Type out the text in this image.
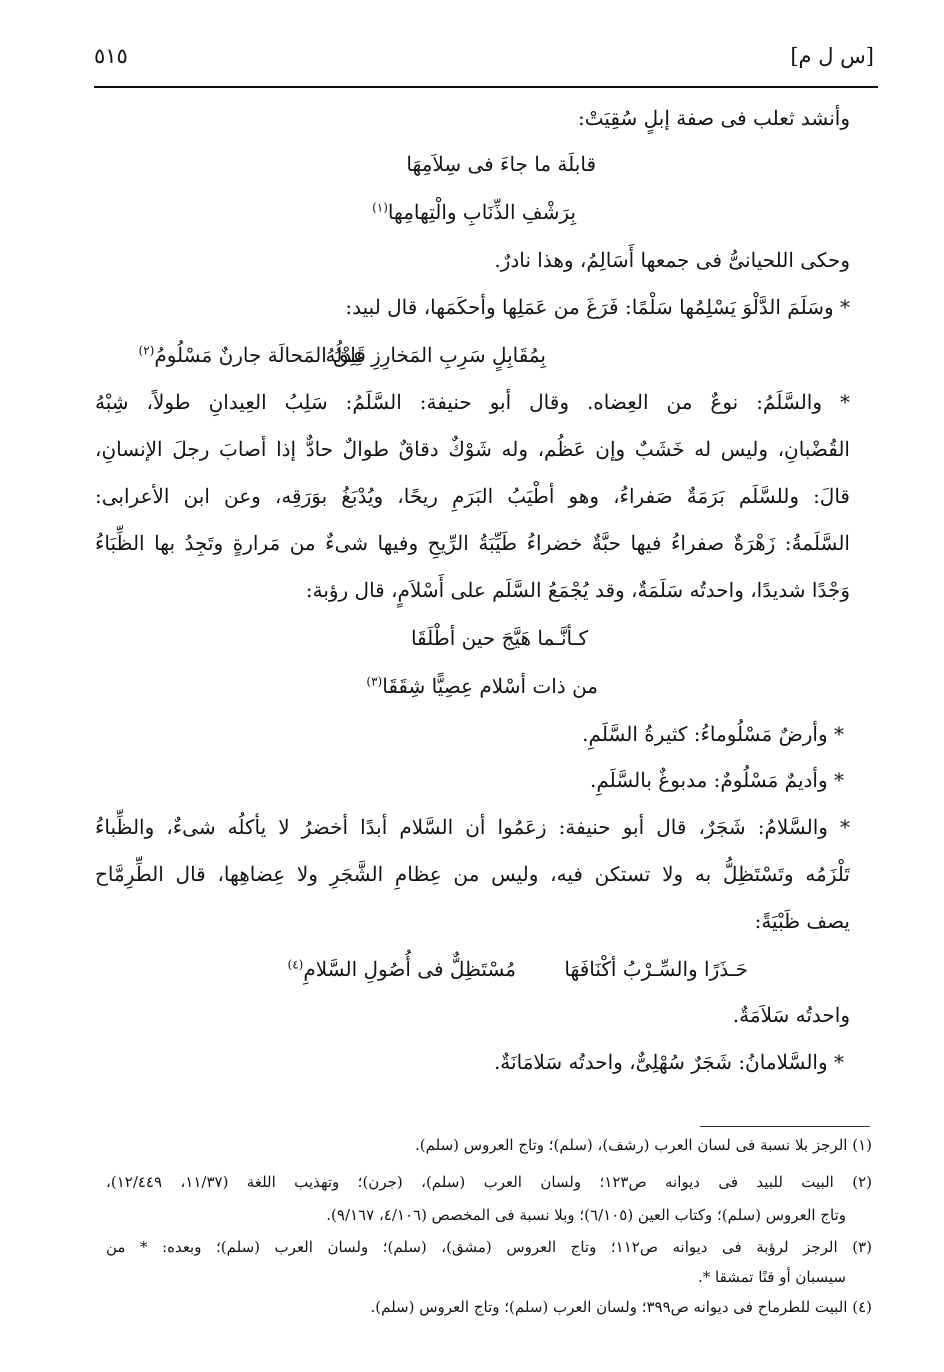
[س ل م]
٥١٥
وأنشد ثعلب فى صفة إبلٍ سُقِيَتْ:
قابلَة ما جاءَ فى سِلاَمِهَا
بِرَشْفِ الذِّنَابِ والْتِهامِها$^{(١)}$
وحكى اللحيانىُّ فى جمعها أَسَالِمُ، وهذا نادرٌ.
* وسَلَمَ الدَّلْوَ يَسْلِمُها سَلْمًا: فَرَغَ من عَمَلِها وأحكَمَها، قال لبيد:
بِمُقَابِلٍ سَرِبِ المَخارِزِ عِدْلُهُ
قَلِقُ المَحالَة جارنٌ مَسْلُومُ$^{(٢)}$
* والسَّلَمُ: نوعٌ من العِضاه. وقال أبو حنيفة: السَّلَمُ: سَلِبُ العِيدانِ طولاً، شِبْهُ
القُضْبانِ، وليس له خَشَبٌ وإن عَظُم، وله شَوْكٌ دقاقٌ طوالٌ حادٌّ إذا أصابَ رجلَ الإنسانِ،
قالَ: وللسَّلَم بَرَمَةٌ صَفراءُ، وهو أطْيَبُ البَرَمِ ريحًا، ويُدْبَغُ بوَرَقِه، وعن ابن الأعرابى:
السَّلَمةُ: زَهْرَةٌ صفراءُ فيها حبَّةٌ خضراءُ طَيِّبَةُ الرِّيحِ وفيها شىءٌ من مَرارةٍ وتَجِدُ بها الظِّبَاءُ
وَجْدًا شديدًا، واحدتُه سَلَمَةٌ، وقد يُجْمَعُ السَّلَم على أَسْلاَمٍ، قال رؤبة:
كـأنَّـما هَيَّجَ حين أطْلَقَا
من ذات أسْلام عِصِيًّا شِقَقَا$^{(٣)}$
* وأرضٌ مَسْلُوماءُ: كثيرةُ السَّلَمِ.
* وأديمٌ مَسْلُومٌ: مدبوغٌ بالسَّلَمِ.
* والسَّلامُ: شَجَرٌ، قال أبو حنيفة: زعَمُوا أن السَّلام أبدًا أخضرُ لا يأكلُه شىءٌ، والظِّباءُ
تَلْزَمُه وتَسْتَظِلُّ به ولا تستكن فيه، وليس من عِظامِ الشَّجَرِ ولا عِضاهِها، قال الطِّرِمَّاح
يصف ظَبْيَةً:
حَـذَرًا والسِّـرْبُ أكْنَافَهَا
مُسْتَظِلٌّ فى أُصُولِ السَّلامِ$^{(٤)}$
واحدتُه سَلاَمَةٌ.
* والسَّلامانُ: شَجَرٌ سُهْلِىٌّ، واحدتُه سَلامَانَةٌ.
(١) الرجز بلا نسبة فى لسان العرب (رشف)، (سلم)؛ وتاج العروس (سلم).
(٢) البيت للبيد فى ديوانه ص١٢٣؛ ولسان العرب (سلم)، (جرن)؛ وتهذيب اللغة (١١/٣٧، ١٢/٤٤٩)،
وتاج العروس (سلم)؛ وكتاب العين (٦/١٠٥)؛ وبلا نسبة فى المخصص (٤/١٠٦، ٩/١٦٧).
(٣) الرجز لرؤبة فى ديوانه ص١١٢؛ وتاج العروس (مشق)، (سلم)؛ ولسان العرب (سلم)؛ وبعده: * من
سيسبان أو قنًا تمشقا *.
(٤) البيت للطرماح فى ديوانه ص٣٩٩؛ ولسان العرب (سلم)؛ وتاج العروس (سلم).
